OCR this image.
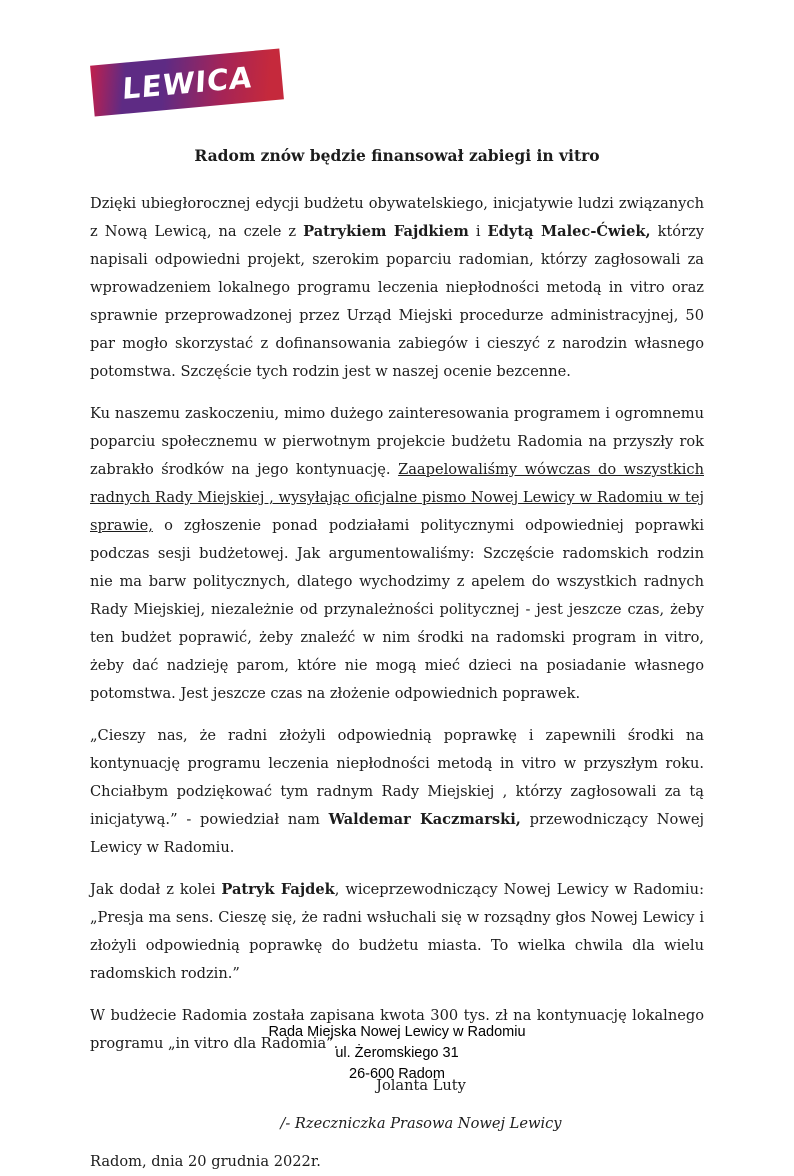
LEWICA
Radom znów będzie finansował zabiegi in vitro

Dzięki ubiegłorocznej edycji budżetu obywatelskiego, inicjatywie ludzi związanych z Nową Lewicą, na czele z Patrykiem Fajdkiem i Edytą Malec-Ćwiek, którzy napisali odpowiedni projekt, szerokim poparciu radomian, którzy zagłosowali za wprowadzeniem lokalnego programu leczenia niepłodności metodą in vitro oraz sprawnie przeprowadzonej przez Urząd Miejski procedurze administracyjnej, 50 par mogło skorzystać z dofinansowania zabiegów i cieszyć z narodzin własnego potomstwa. Szczęście tych rodzin jest w naszej ocenie bezcenne.

Ku naszemu zaskoczeniu, mimo dużego zainteresowania programem i ogromnemu poparciu społecznemu w pierwotnym projekcie budżetu Radomia na przyszły rok zabrakło środków na jego kontynuację. Zaapelowaliśmy wówczas do wszystkich radnych Rady Miejskiej , wysyłając oficjalne pismo Nowej Lewicy w Radomiu w tej sprawie, o zgłoszenie ponad podziałami politycznymi odpowiedniej poprawki podczas sesji budżetowej. Jak argumentowaliśmy: Szczęście radomskich rodzin nie ma barw politycznych, dlatego wychodzimy z apelem do wszystkich radnych Rady Miejskiej, niezależnie od przynależności politycznej - jest jeszcze czas, żeby ten budżet poprawić, żeby znaleźć w nim środki na radomski program in vitro, żeby dać nadzieję parom, które nie mogą mieć dzieci na posiadanie własnego potomstwa. Jest jeszcze czas na złożenie odpowiednich poprawek.

„Cieszy nas, że radni złożyli odpowiednią poprawkę i zapewnili środki na kontynuację programu leczenia niepłodności metodą in vitro w przyszłym roku. Chciałbym podziękować tym radnym Rady Miejskiej , którzy zagłosowali za tą inicjatywą.” - powiedział nam Waldemar Kaczmarski, przewodniczący Nowej Lewicy w Radomiu.

Jak dodał z kolei Patryk Fajdek, wiceprzewodniczący Nowej Lewicy w Radomiu: „Presja ma sens. Cieszę się, że radni wsłuchali się w rozsądny głos Nowej Lewicy i złożyli odpowiednią poprawkę do budżetu miasta. To wielka chwila dla wielu radomskich rodzin.”

W budżecie Radomia została zapisana kwota 300 tys. zł na kontynuację lokalnego programu „in vitro dla Radomia”.

Jolanta Luty

/- Rzeczniczka Prasowa Nowej Lewicy

Radom, dnia 20 grudnia 2022r.

Rada Miejska Nowej Lewicy w Radomiu
ul. Żeromskiego 31
26-600 Radom
